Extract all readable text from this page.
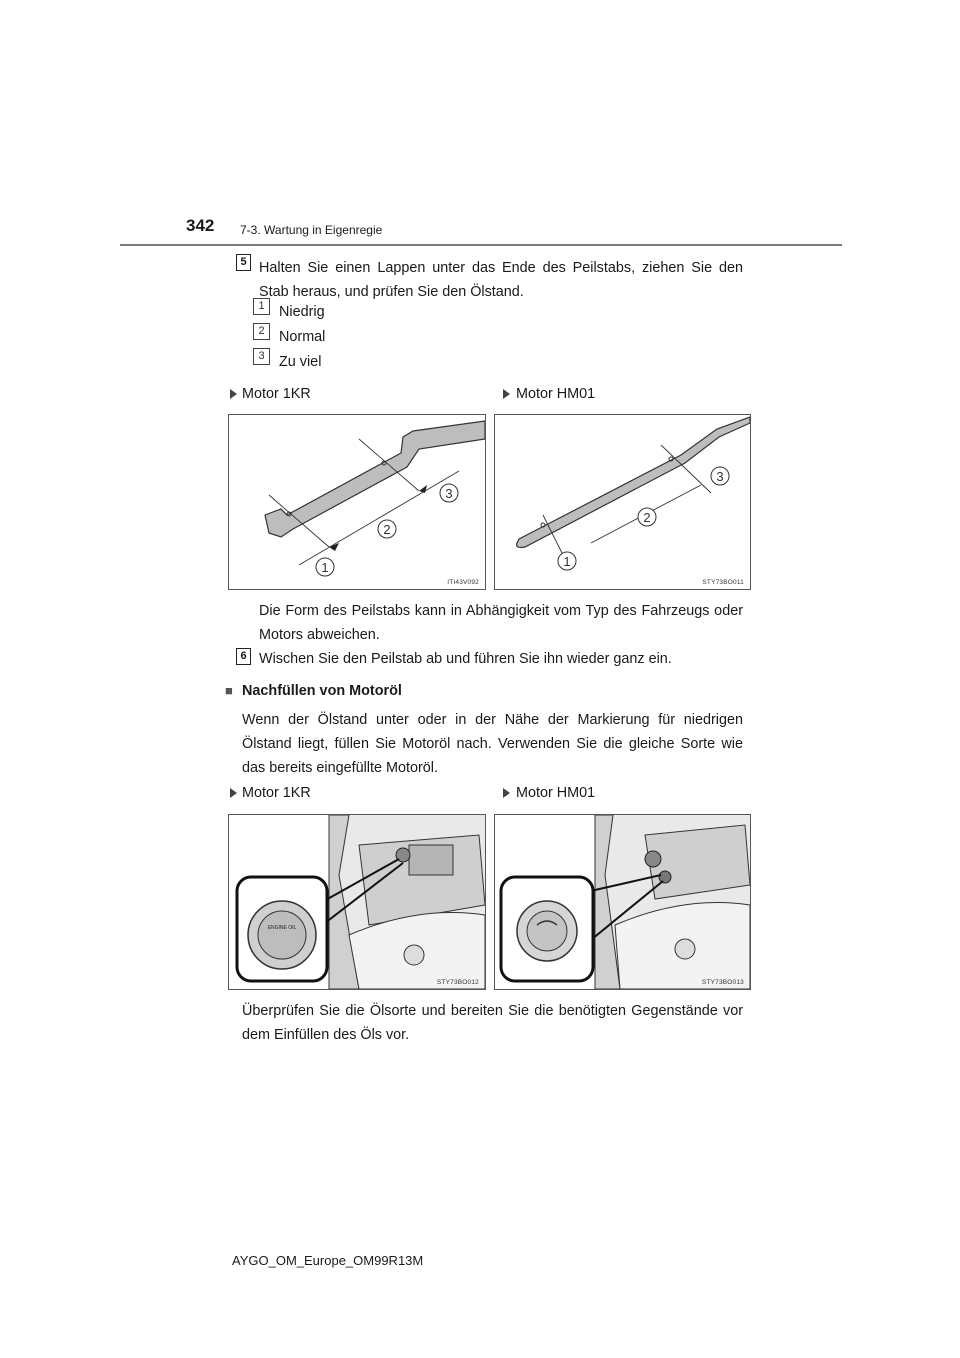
342 7-3. Wartung in Eigenregie
5 Halten Sie einen Lappen unter das Ende des Peilstabs, ziehen Sie den Stab heraus, und prüfen Sie den Ölstand.
1	Niedrig
2	Normal
3	Zu viel
Motor 1KR	Motor HM01
1
2
3
ITI43V092
1
2
3
STY73BO011
Die Form des Peilstabs kann in Abhängigkeit vom Typ des Fahrzeugs oder Motors abweichen.
6 Wischen Sie den Peilstab ab und führen Sie ihn wieder ganz ein.
■ Nachfüllen von Motoröl
Wenn der Ölstand unter oder in der Nähe der Markierung für niedrigen Ölstand liegt, füllen Sie Motoröl nach. Verwenden Sie die gleiche Sorte wie das bereits eingefüllte Motoröl.
Motor 1KR	Motor HM01
ENGINE OIL
STY73BO012	STY73BO013
Überprüfen Sie die Ölsorte und bereiten Sie die benötigten Gegenstände vor dem Einfüllen des Öls vor.
AYGO_OM_Europe_OM99R13M
